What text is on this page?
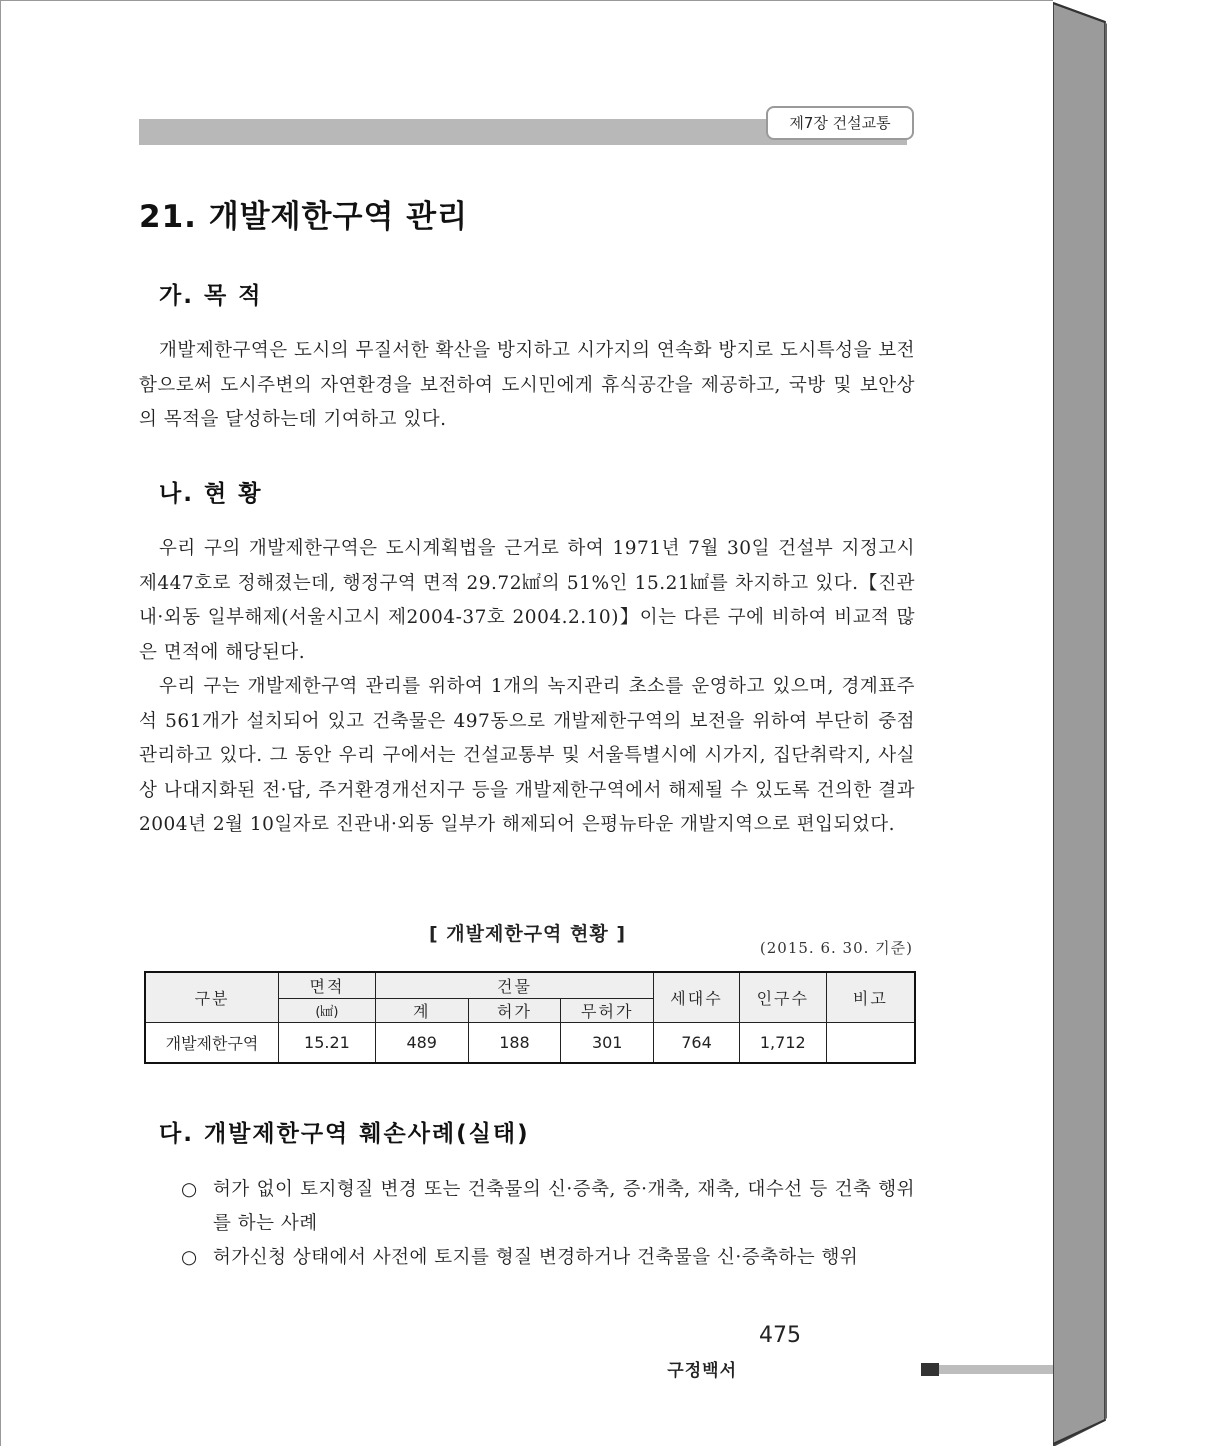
제7장 건설교통
21. 개발제한구역 관리
가. 목 적

개발제한구역은 도시의 무질서한 확산을 방지하고 시가지의 연속화 방지로 도시특성을 보전함으로써 도시주변의 자연환경을 보전하여 도시민에게 휴식공간을 제공하고, 국방 및 보안상의 목적을 달성하는데 기여하고 있다.

나. 현 황

우리 구의 개발제한구역은 도시계획법을 근거로 하여 1971년 7월 30일 건설부 지정고시 제447호로 정해졌는데, 행정구역 면적 29.72㎢의 51%인 15.21㎢를 차지하고 있다.【진관내·외동 일부해제(서울시고시 제2004-37호 2004.2.10)】이는 다른 구에 비하여 비교적 많은 면적에 해당된다.

우리 구는 개발제한구역 관리를 위하여 1개의 녹지관리 초소를 운영하고 있으며, 경계표주석 561개가 설치되어 있고 건축물은 497동으로 개발제한구역의 보전을 위하여 부단히 중점 관리하고 있다. 그 동안 우리 구에서는 건설교통부 및 서울특별시에 시가지, 집단취락지, 사실상 나대지화된 전·답, 주거환경개선지구 등을 개발제한구역에서 해제될 수 있도록 건의한 결과 2004년 2월 10일자로 진관내·외동 일부가 해제되어 은평뉴타운 개발지역으로 편입되었다.

[ 개발제한구역 현황 ]
(2015. 6. 30. 기준)
구분	면적	건물			세대수	인구수	비고
	(㎢)	계	허가	무허가			
개발제한구역	15.21	489	188	301	764	1,712	
다. 개발제한구역 훼손사례(실태)
○ 허가 없이 토지형질 변경 또는 건축물의 신·증축, 증·개축, 재축, 대수선 등 건축 행위를 하는 사례
○ 허가신청 상태에서 사전에 토지를 형질 변경하거나 건축물을 신·증축하는 행위
475
구정백서
